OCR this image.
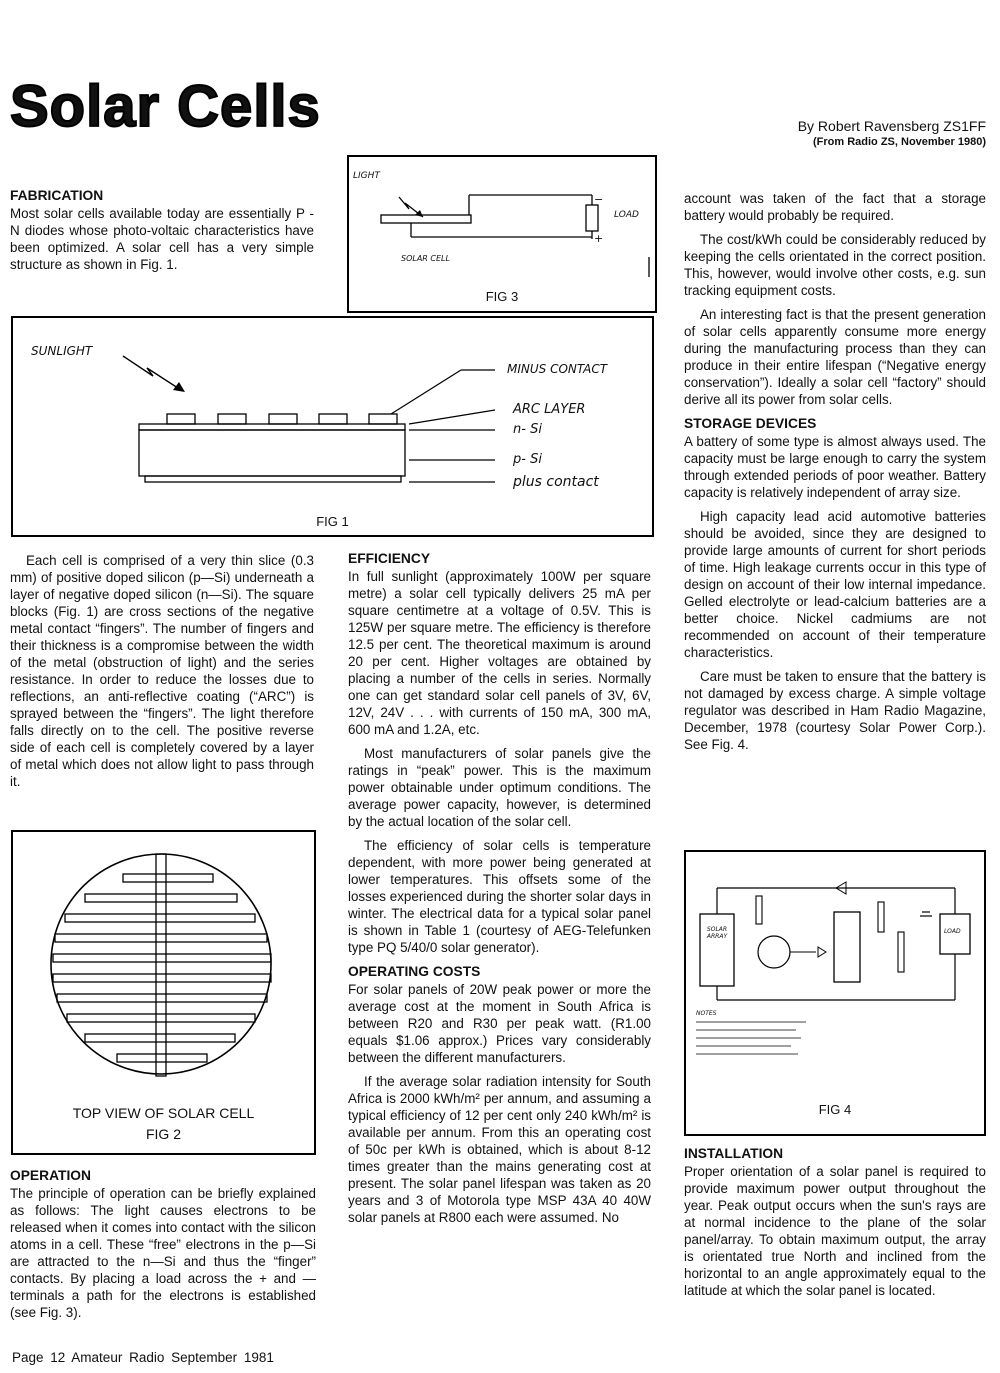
Solar Cells	By Robert Ravensberg ZS1FF
(From Radio ZS, November 1980)
FABRICATION

Most solar cells available today are essentially P - N diodes whose photo-voltaic characteristics have been optimized. A solar cell has a very simple structure as shown in Fig. 1.

LIGHT
LOAD
SOLAR CELL
−
+
FIG 3
SUNLIGHT
MINUS CONTACT
ARC LAYER
n- Si
p- Si
plus contact
FIG 1

Each cell is comprised of a very thin slice (0.3 mm) of positive doped silicon (p—Si) underneath a layer of negative doped silicon (n—Si). The square blocks (Fig. 1) are cross sections of the negative metal contact “fingers”. The number of fingers and their thickness is a compromise between the width of the metal (obstruction of light) and the series resistance. In order to reduce the losses due to reflections, an anti-reflective coating (“ARC”) is sprayed between the “fingers”. The light therefore falls directly on to the cell. The positive reverse side of each cell is completely covered by a layer of metal which does not allow light to pass through it.

TOP VIEW OF SOLAR CELL
FIG 2
OPERATION

The principle of operation can be briefly explained as follows: The light causes electrons to be released when it comes into contact with the silicon atoms in a cell. These “free” electrons in the p—Si are attracted to the n—Si and thus the “finger” contacts. By placing a load across the + and — terminals a path for the electrons is established (see Fig. 3).

EFFICIENCY

In full sunlight (approximately 100W per square metre) a solar cell typically delivers 25 mA per square centimetre at a voltage of 0.5V. This is 125W per square metre. The efficiency is therefore 12.5 per cent. The theoretical maximum is around 20 per cent. Higher voltages are obtained by placing a number of the cells in series. Normally one can get standard solar cell panels of 3V, 6V, 12V, 24V . . . with currents of 150 mA, 300 mA, 600 mA and 1.2A, etc.

Most manufacturers of solar panels give the ratings in “peak” power. This is the maximum power obtainable under optimum conditions. The average power capacity, however, is determined by the actual location of the solar cell.

The efficiency of solar cells is temperature dependent, with more power being generated at lower temperatures. This offsets some of the losses experienced during the shorter solar days in winter. The electrical data for a typical solar panel is shown in Table 1 (courtesy of AEG-Telefunken type PQ 5/40/0 solar generator).

OPERATING COSTS

For solar panels of 20W peak power or more the average cost at the moment in South Africa is between R20 and R30 per peak watt. (R1.00 equals $1.06 approx.) Prices vary considerably between the different manufacturers.

If the average solar radiation intensity for South Africa is 2000 kWh/m² per annum, and assuming a typical efficiency of 12 per cent only 240 kWh/m² is available per annum. From this an operating cost of 50c per kWh is obtained, which is about 8-12 times greater than the mains generating cost at present. The solar panel lifespan was taken as 20 years and 3 of Motorola type MSP 43A 40 40W solar panels at R800 each were assumed. No

account was taken of the fact that a storage battery would probably be required.

The cost/kWh could be considerably reduced by keeping the cells orientated in the correct position. This, however, would involve other costs, e.g. sun tracking equipment costs.

An interesting fact is that the present generation of solar cells apparently consume more energy during the manufacturing process than they can produce in their entire lifespan (“Negative energy conservation”). Ideally a solar cell “factory” should derive all its power from solar cells.

STORAGE DEVICES

A battery of some type is almost always used. The capacity must be large enough to carry the system through extended periods of poor weather. Battery capacity is relatively independent of array size.

High capacity lead acid automotive batteries should be avoided, since they are designed to provide large amounts of current for short periods of time. High leakage currents occur in this type of design on account of their low internal impedance. Gelled electrolyte or lead-calcium batteries are a better choice. Nickel cadmiums are not recommended on account of their temperature characteristics.

Care must be taken to ensure that the battery is not damaged by excess charge. A simple voltage regulator was described in Ham Radio Magazine, December, 1978 (courtesy Solar Power Corp.). See Fig. 4.

SOLAR ARRAY
LOAD
NOTES
FIG 4
INSTALLATION

Proper orientation of a solar panel is required to provide maximum power output throughout the year. Peak output occurs when the sun's rays are at normal incidence to the plane of the solar panel/array. To obtain maximum output, the array is orientated true North and inclined from the horizontal to an angle approximately equal to the latitude at which the solar panel is located.

Page 12 Amateur Radio September 1981
